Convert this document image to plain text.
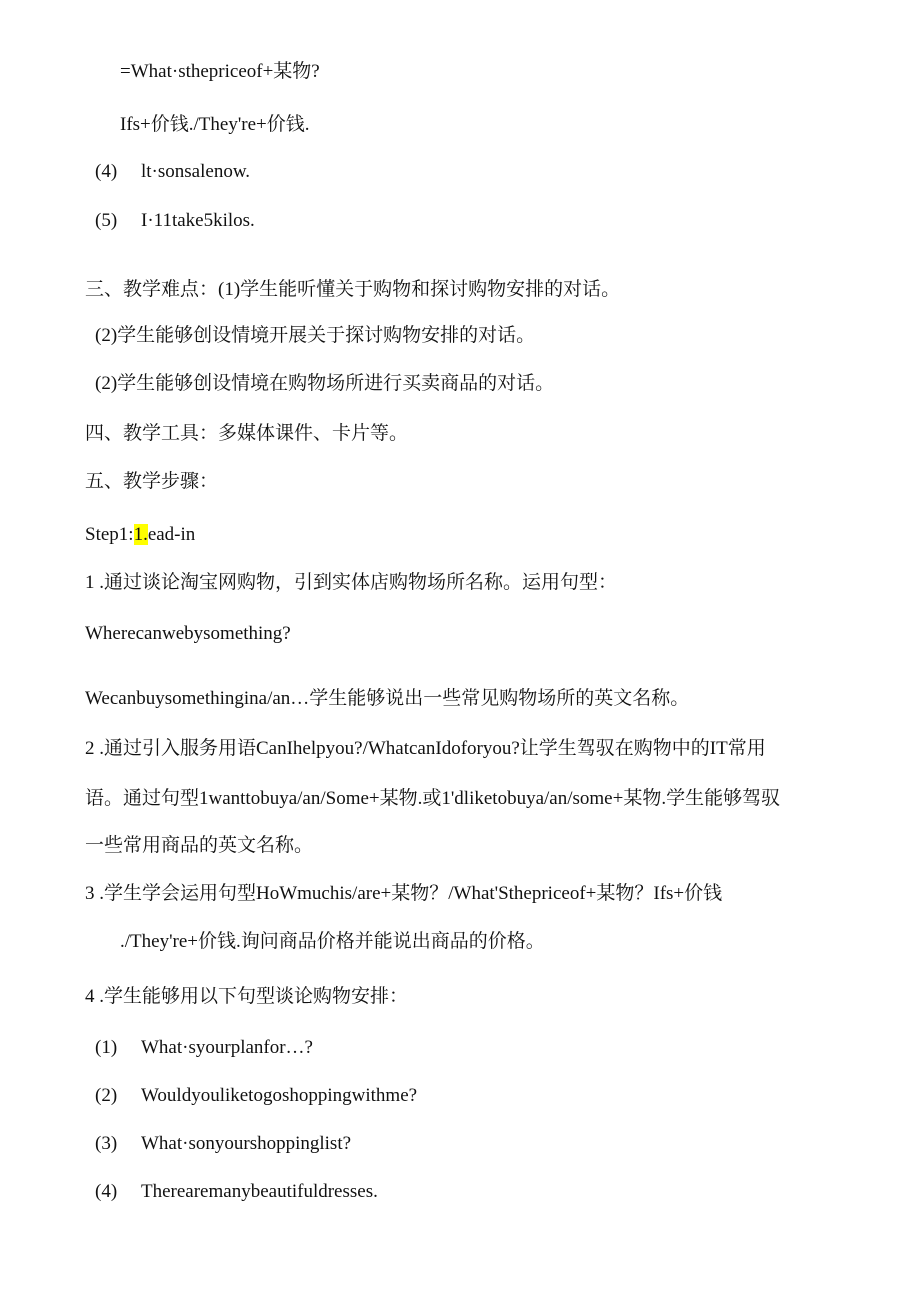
=What·sthepriceof+某物?
Ifs+价钱./They're+价钱.
(4) lt·sonsalenow.
(5) I·11take5kilos.
三、教学难点：(1)学生能听懂关于购物和探讨购物安排的对话。
(2)学生能够创设情境开展关于探讨购物安排的对话。
(2)学生能够创设情境在购物场所进行买卖商品的对话。
四、教学工具：多媒体课件、卡片等。
五、教学步骤：
Step1:1.ead-in
1 .通过谈论淘宝网购物，引到实体店购物场所名称。运用句型：
Wherecanwebysomething?
Wecanbuysomethingina/an…学生能够说出一些常见购物场所的英文名称。
2 .通过引入服务用语CanIhelpyou?/WhatcanIdoforyou?让学生驾驭在购物中的IT常用
语。通过句型1wanttobuya/an/Some+某物.或1'dliketobuya/an/some+某物.学生能够驾驭
一些常用商品的英文名称。
3 .学生学会运用句型HoWmuchis/are+某物？/What'Sthepriceof+某物？Ifs+价钱
./They're+价钱.询问商品价格并能说出商品的价格。
4 .学生能够用以下句型谈论购物安排：
(1) What·syourplanfor…?
(2) Wouldyouliketogoshoppingwithme?
(3) What·sonyourshoppinglist?
(4) Therearemanybeautifuldresses.
